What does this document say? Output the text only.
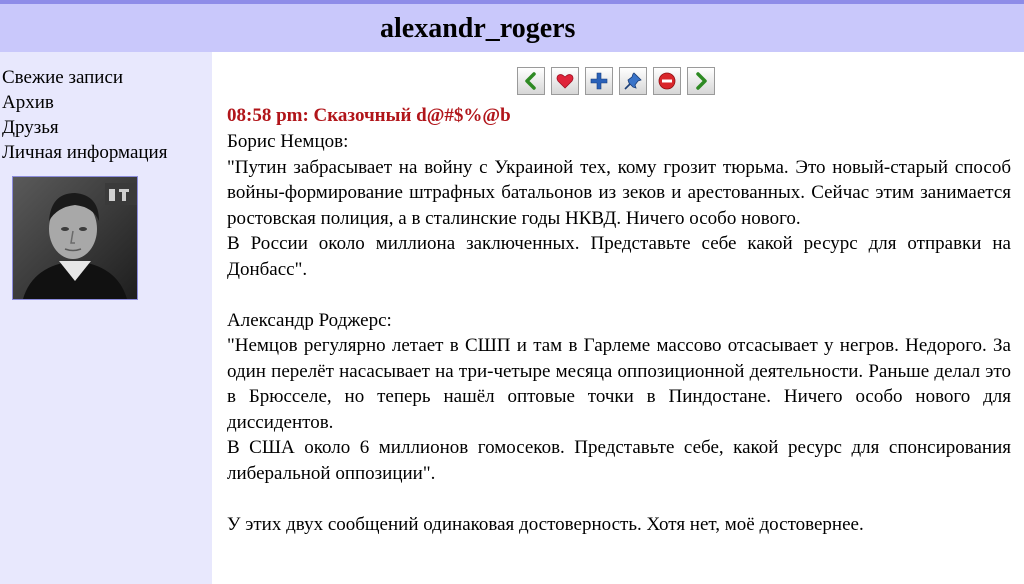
alexandr_rogers
Свежие записи
Архив
Друзья
Личная информация
08:58 pm: Сказочный d@#$%@b

Борис Немцов:

"Путин забрасывает на войну с Украиной тех, кому грозит тюрьма. Это новый-старый способ войны-формирование штрафных батальонов из зеков и арестованных. Сейчас этим занимается ростовская полиция, а в сталинские годы НКВД. Ничего особо нового.

В России около миллиона заключенных. Представьте себе какой ресурс для отправки на Донбасс".

Александр Роджерс:

"Немцов регулярно летает в СШП и там в Гарлеме массово отсасывает у негров. Недорого. За один перелёт насасывает на три-четыре месяца оппозиционной деятельности. Раньше делал это в Брюсселе, но теперь нашёл оптовые точки в Пиндостане. Ничего особо нового для диссидентов.

В США около 6 миллионов гомосеков. Представьте себе, какой ресурс для спонсирования либеральной оппозиции".

У этих двух сообщений одинаковая достоверность. Хотя нет, моё достовернее.
